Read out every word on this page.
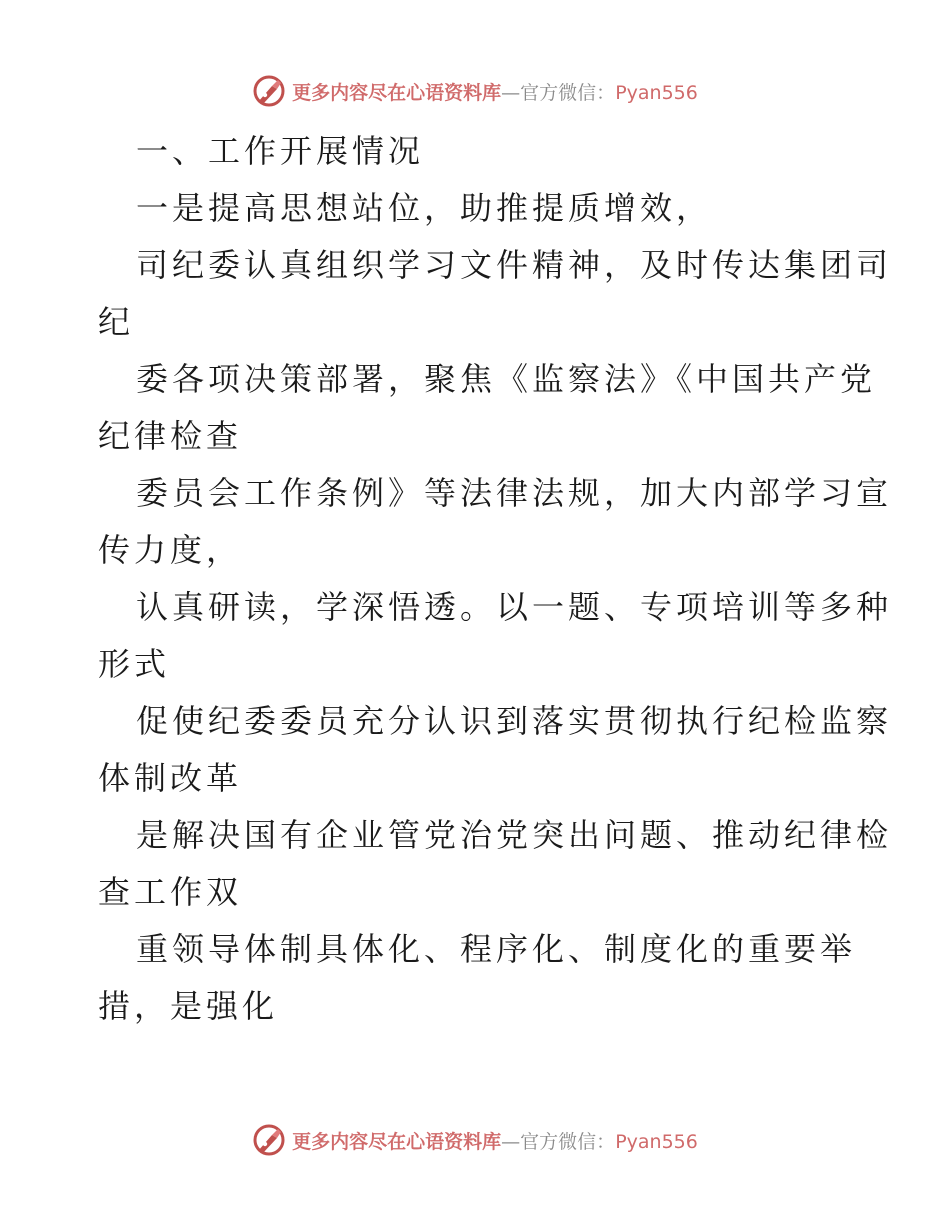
更多内容尽在心语资料库 — 官方微信： Pyan556
一、工作开展情况
一是提高思想站位，助推提质增效，
司纪委认真组织学习文件精神，及时传达集团司
纪
委各项决策部署，聚焦《监察法》《中国共产党
纪律检查
委员会工作条例》等法律法规，加大内部学习宣
传力度，
认真研读，学深悟透。以一题、专项培训等多种
形式
促使纪委委员充分认识到落实贯彻执行纪检监察
体制改革
是解决国有企业管党治党突出问题、推动纪律检
查工作双
重领导体制具体化、程序化、制度化的重要举
措，是强化
更多内容尽在心语资料库 — 官方微信： Pyan556
